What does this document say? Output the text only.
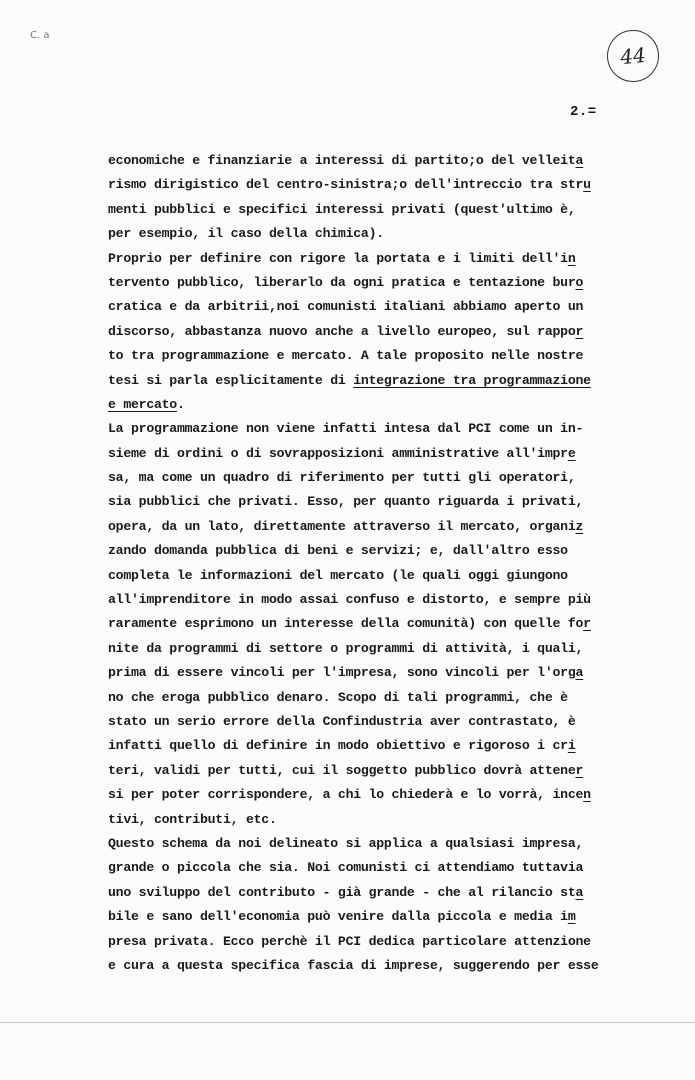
C. a
44
2.=
economiche e finanziarie a interessi di partito;o del velleita
rismo dirigistico del centro-sinistra;o dell'intreccio tra stru
menti pubblici e specifici interessi privati (quest'ultimo è,
per esempio, il caso della chimica).
Proprio per definire con rigore la portata e i limiti dell'in
tervento pubblico, liberarlo da ogni pratica e tentazione buro
cratica e da arbitrii,noi comunisti italiani abbiamo aperto un
discorso, abbastanza nuovo anche a livello europeo, sul rappor
to tra programmazione e mercato. A tale proposito nelle nostre
tesi si parla esplicitamente di integrazione tra programmazione
e mercato.
La programmazione non viene infatti intesa dal PCI come un in-
sieme di ordini o di sovrapposizioni amministrative all'impre
sa, ma come un quadro di riferimento per tutti gli operatori,
sia pubblici che privati. Esso, per quanto riguarda i privati,
opera, da un lato, direttamente attraverso il mercato, organiz
zando domanda pubblica di beni e servizi; e, dall'altro esso
completa le informazioni del mercato (le quali oggi giungono
all'imprenditore in modo assai confuso e distorto, e sempre più
raramente esprimono un interesse della comunità) con quelle for
nite da programmi di settore o programmi di attività, i quali,
prima di essere vincoli per l'impresa, sono vincoli per l'orga
no che eroga pubblico denaro. Scopo di tali programmi, che è
stato un serio errore della Confindustria aver contrastato, è
infatti quello di definire in modo obiettivo e rigoroso i cri
teri, validi per tutti, cui il soggetto pubblico dovrà attener
si per poter corrispondere, a chi lo chiederà e lo vorrà, incen
tivi, contributi, etc.
Questo schema da noi delineato si applica a qualsiasi impresa,
grande o piccola che sia. Noi comunisti ci attendiamo tuttavia
uno sviluppo del contributo - già grande - che al rilancio sta
bile e sano dell'economia può venire dalla piccola e media im
presa privata. Ecco perchè il PCI dedica particolare attenzione
e cura a questa specifica fascia di imprese, suggerendo per esse
